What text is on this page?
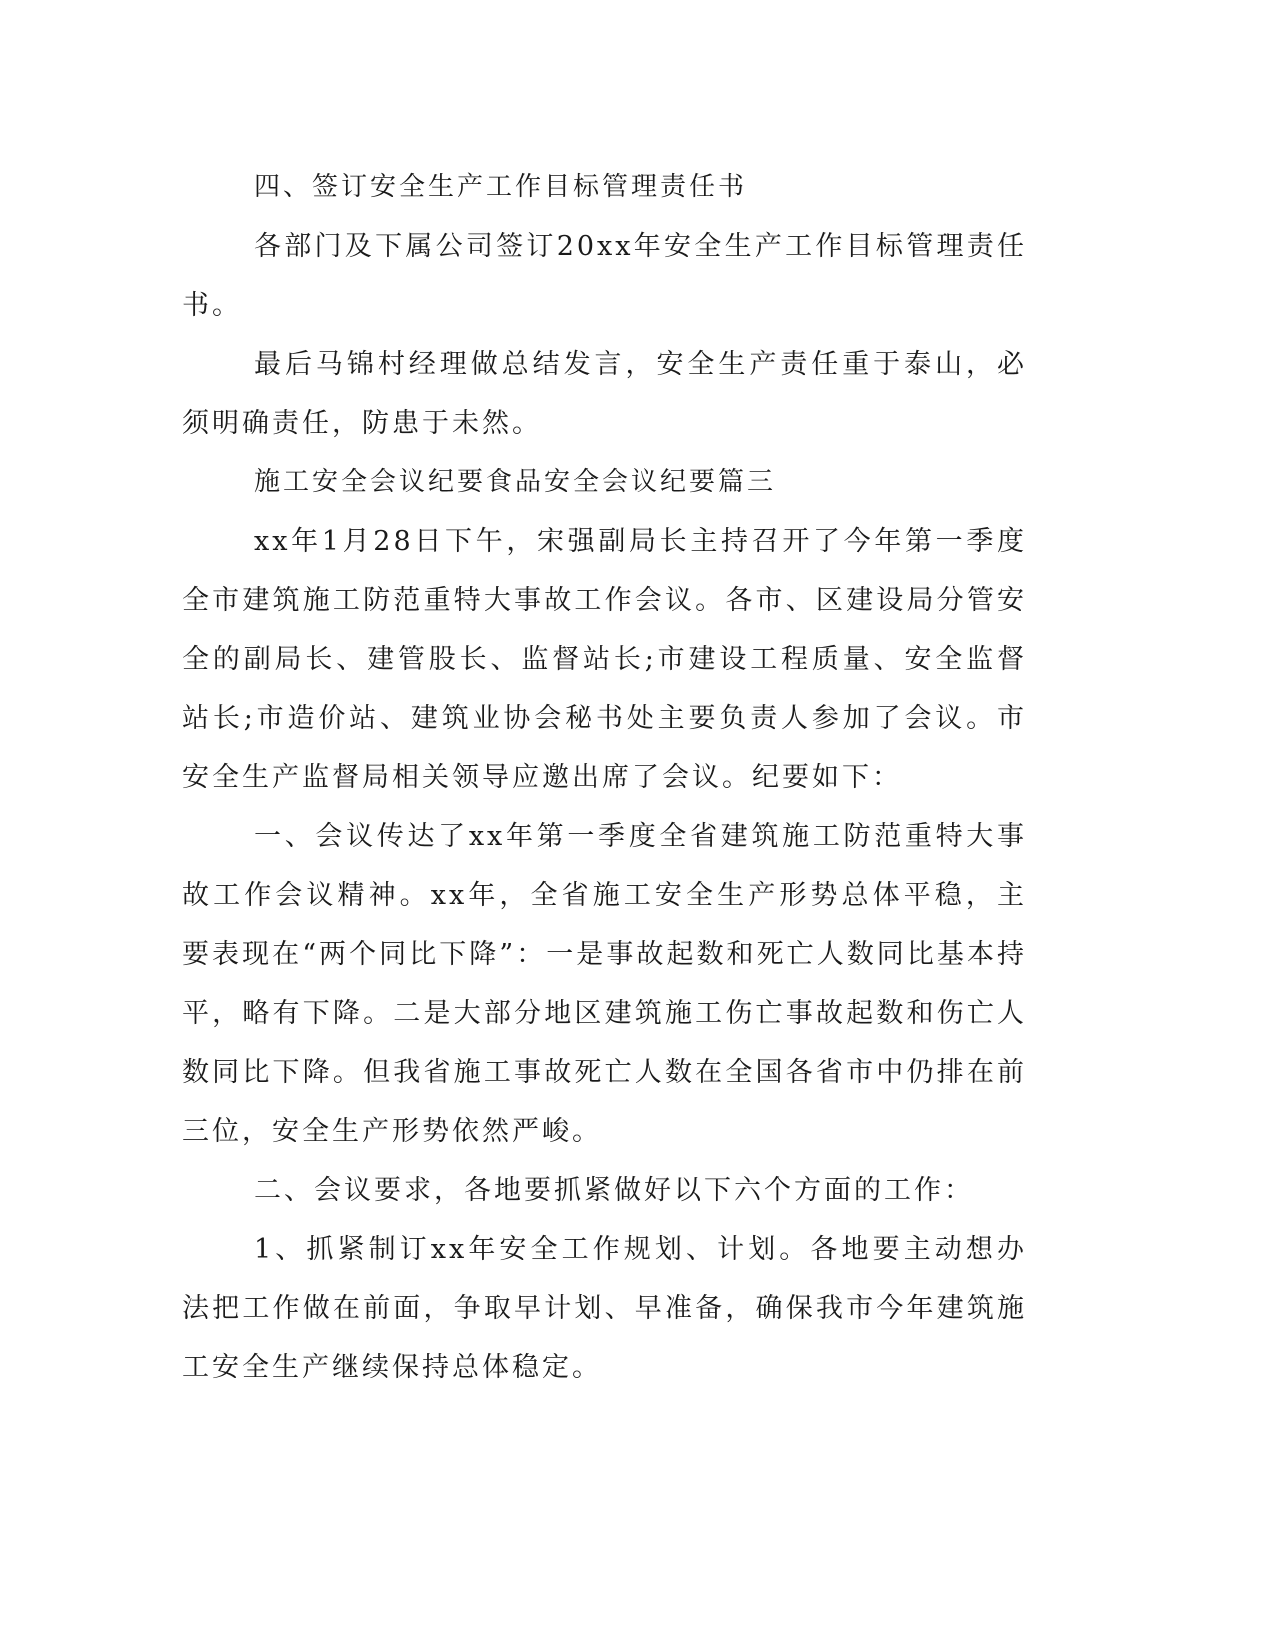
四、签订安全生产工作目标管理责任书

各部门及下属公司签订20xx年安全生产工作目标管理责任书。

最后马锦村经理做总结发言，安全生产责任重于泰山，必须明确责任，防患于未然。

施工安全会议纪要食品安全会议纪要篇三

xx年1月28日下午，宋强副局长主持召开了今年第一季度全市建筑施工防范重特大事故工作会议。各市、区建设局分管安全的副局长、建管股长、监督站长;市建设工程质量、安全监督站长;市造价站、建筑业协会秘书处主要负责人参加了会议。市安全生产监督局相关领导应邀出席了会议。纪要如下：

一、会议传达了xx年第一季度全省建筑施工防范重特大事故工作会议精神。xx年，全省施工安全生产形势总体平稳，主要表现在“两个同比下降”：一是事故起数和死亡人数同比基本持平，略有下降。二是大部分地区建筑施工伤亡事故起数和伤亡人数同比下降。但我省施工事故死亡人数在全国各省市中仍排在前三位，安全生产形势依然严峻。

二、会议要求，各地要抓紧做好以下六个方面的工作：

1、抓紧制订xx年安全工作规划、计划。各地要主动想办法把工作做在前面，争取早计划、早准备，确保我市今年建筑施工安全生产继续保持总体稳定。
